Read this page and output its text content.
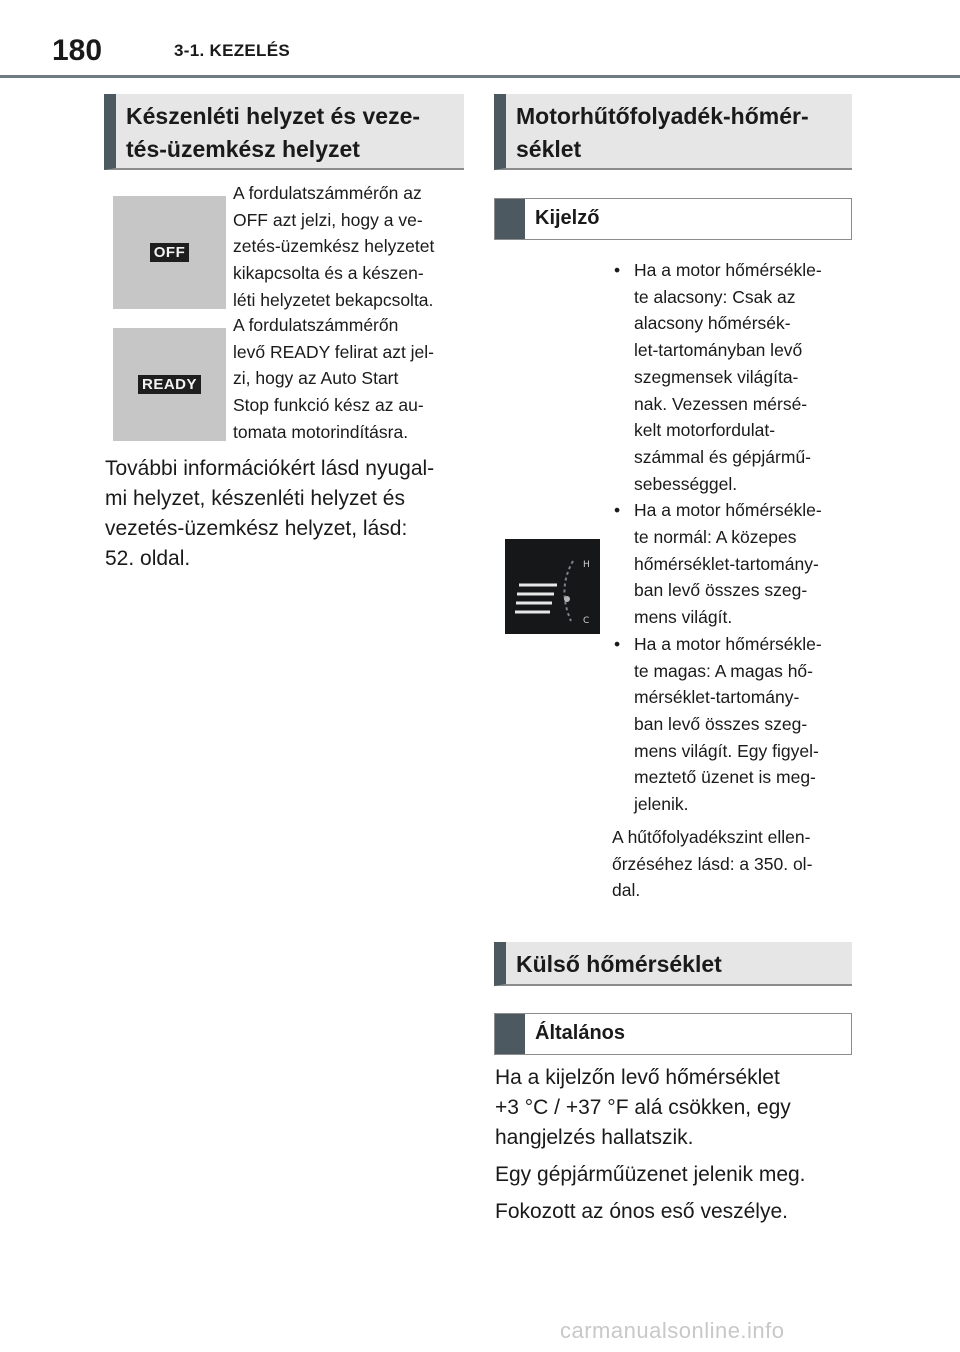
180	3-1. KEZELÉS
Készenléti helyzet és veze-
tés-üzemkész helyzet
OFF
A fordulatszámmérőn az
OFF azt jelzi, hogy a ve-
zetés-üzemkész helyzetet
kikapcsolta és a készen-
léti helyzetet bekapcsolta.
READY
A fordulatszámmérőn
levő READY felirat azt jel-
zi, hogy az Auto Start
Stop funkció kész az au-
tomata motorindításra.
További információkért lásd nyugal-
mi helyzet, készenléti helyzet és
vezetés-üzemkész helyzet, lásd:
52. oldal.
Motorhűtőfolyadék-hőmér-
séklet
Kijelző
H
C
• Ha a motor hőmérsékle-
te alacsony: Csak az
alacsony hőmérsék-
let-tartományban levő
szegmensek világíta-
nak. Vezessen mérsé-
kelt motorfordulat-
számmal és gépjármű-
sebességgel.
• Ha a motor hőmérsékle-
te normál: A közepes
hőmérséklet-tartomány-
ban levő összes szeg-
mens világít.
• Ha a motor hőmérsékle-
te magas: A magas hő-
mérséklet-tartomány-
ban levő összes szeg-
mens világít. Egy figyel-
meztető üzenet is meg-
jelenik.
A hűtőfolyadékszint ellen-
őrzéséhez lásd: a 350. ol-
dal.
Külső hőmérséklet
Általános
Ha a kijelzőn levő hőmérséklet
+3 °C / +37 °F alá csökken, egy
hangjelzés hallatszik.
Egy gépjárműüzenet jelenik meg.
Fokozott az ónos eső veszélye.
carmanualsonline.info
